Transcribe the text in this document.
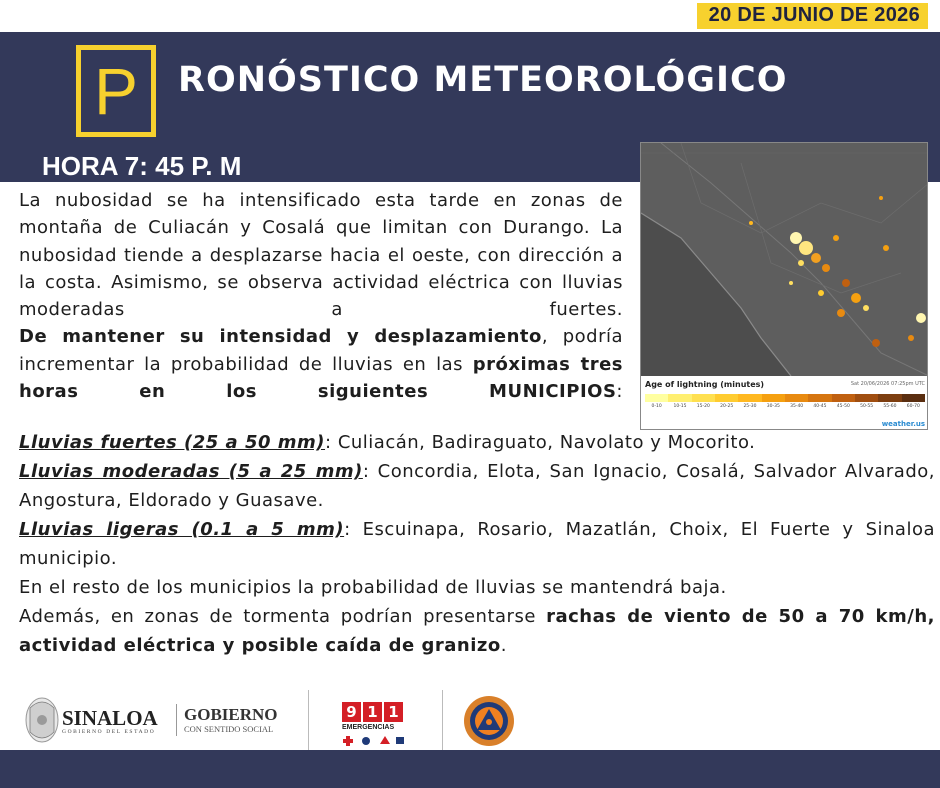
20 DE JUNIO DE 2026
P	RONÓSTICO METEOROLÓGICO
HORA 7: 45 P. M
Age of lightning (minutes)	Sat 20/06/2026 07:25pm UTC
0-10	10-15	15-20	20-25	25-30	30-35	35-40	40-45	45-50	50-55	55-60	60-70
weather.us
La nubosidad se ha intensificado esta tarde en zonas de montaña de Culiacán y Cosalá que limitan con Durango. La nubosidad tiende a desplazarse hacia el oeste, con dirección a la costa. Asimismo, se observa actividad eléctrica con lluvias moderadas a fuertes.
De mantener su intensidad y desplazamiento, podría incrementar la probabilidad de lluvias en las próximas tres horas en los siguientes MUNICIPIOS:
Lluvias fuertes (25 a 50 mm): Culiacán, Badiraguato, Navolato y Mocorito.
Lluvias moderadas (5 a 25 mm): Concordia, Elota, San Ignacio, Cosalá, Salvador Alvarado, Angostura, Eldorado y Guasave.
Lluvias ligeras (0.1 a 5 mm): Escuinapa, Rosario, Mazatlán, Choix, El Fuerte y Sinaloa municipio.
En el resto de los municipios la probabilidad de lluvias se mantendrá baja.
Además, en zonas de tormenta podrían presentarse rachas de viento de 50 a 70 km/h, actividad eléctrica y posible caída de granizo.
SINALOA
GOBIERNO DEL ESTADO
GOBIERNO
CON SENTIDO SOCIAL
9 1 1
EMERGENCIAS
